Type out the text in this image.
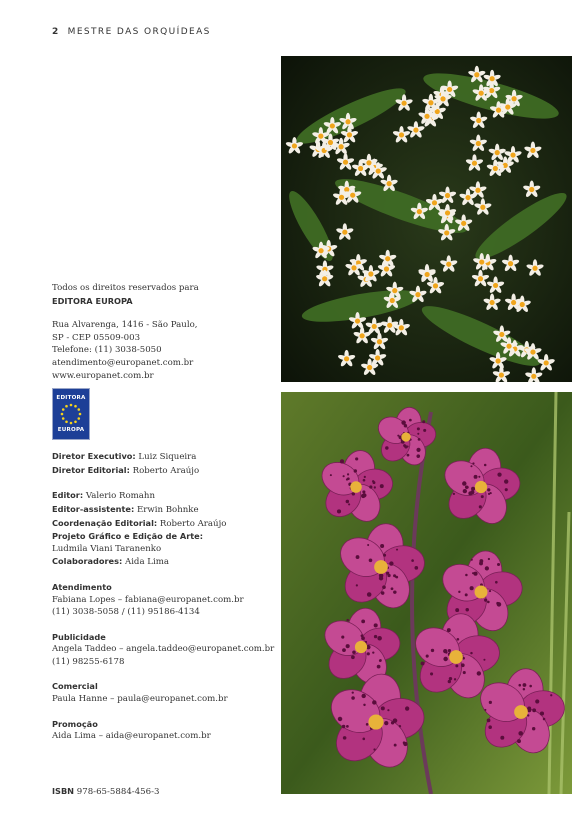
2 MESTRE DAS ORQUÍDEAS

Todos os direitos reservados para

EDITORA EUROPA

Rua Alvarenga, 1416 - São Paulo,

SP - CEP 05509-003

Telefone: (11) 3038-5050

atendimento@europanet.com.br

www.europanet.com.br

EDITORA
EUROPA

Diretor Executivo: Luiz Siqueira

Diretor Editorial: Roberto Araújo

Editor: Valerio Romahn

Editor-assistente: Erwin Bohnke

Coordenação Editorial: Roberto Araújo

Projeto Gráfico e Edição de Arte:

Ludmila Viani Taranenko

Colaboradores: Aida Lima

Atendimento

Fabiana Lopes – fabiana@europanet.com.br

(11) 3038-5058 / (11) 95186-4134

Publicidade

Angela Taddeo – angela.taddeo@europanet.com.br

(11) 98255-6178

Comercial

Paula Hanne – paula@europanet.com.br

Promoção

Aida Lima – aida@europanet.com.br

ISBN 978-65-5884-456-3
